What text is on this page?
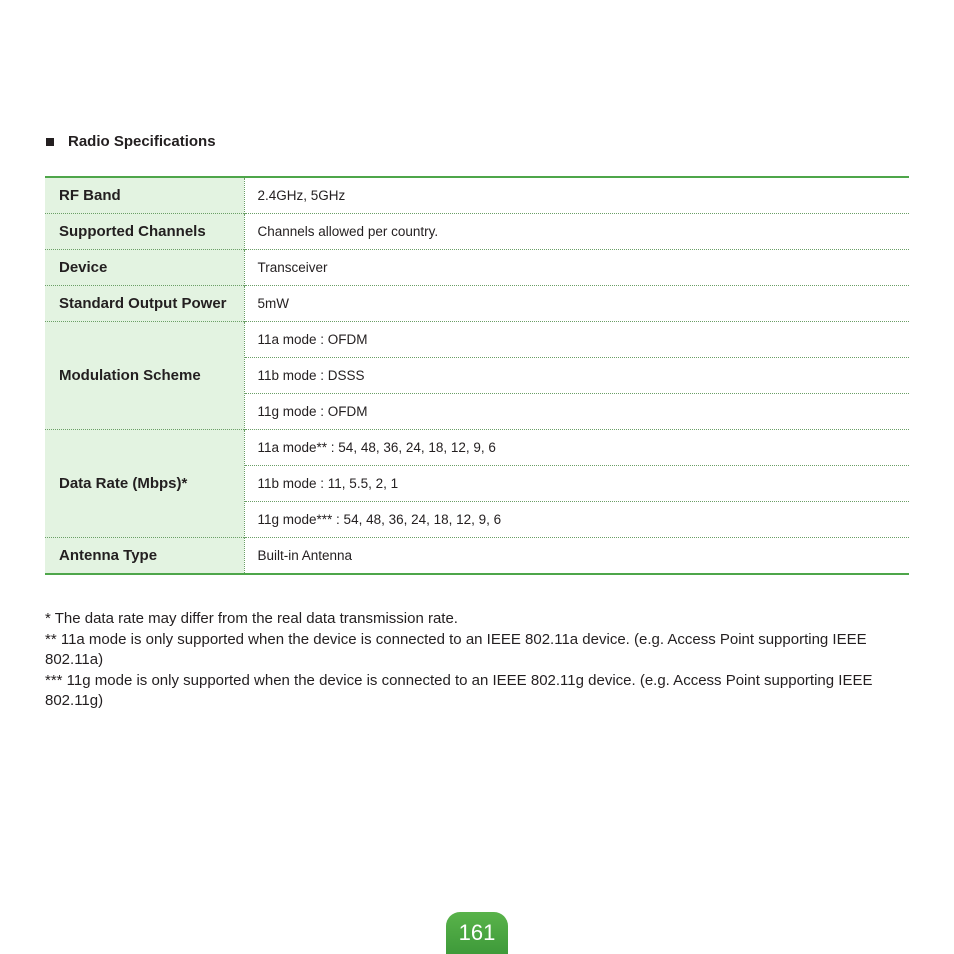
Radio Specifications
RF Band	2.4GHz, 5GHz
Supported Channels	Channels allowed per country.
Device	Transceiver
Standard Output Power	5mW
Modulation Scheme	11a mode : OFDM
	11b mode : DSSS
	11g mode : OFDM
Data Rate (Mbps)*	11a mode** : 54, 48, 36, 24, 18, 12, 9, 6
	11b mode : 11, 5.5, 2, 1
	11g mode*** : 54, 48, 36, 24, 18, 12, 9, 6
Antenna Type	Built-in Antenna

* The data rate may differ from the real data transmission rate.

** 11a mode is only supported when the device is connected to an IEEE 802.11a device. (e.g. Access Point supporting IEEE 802.11a)

*** 11g mode is only supported when the device is connected to an IEEE 802.11g device. (e.g. Access Point supporting IEEE 802.11g)

161
